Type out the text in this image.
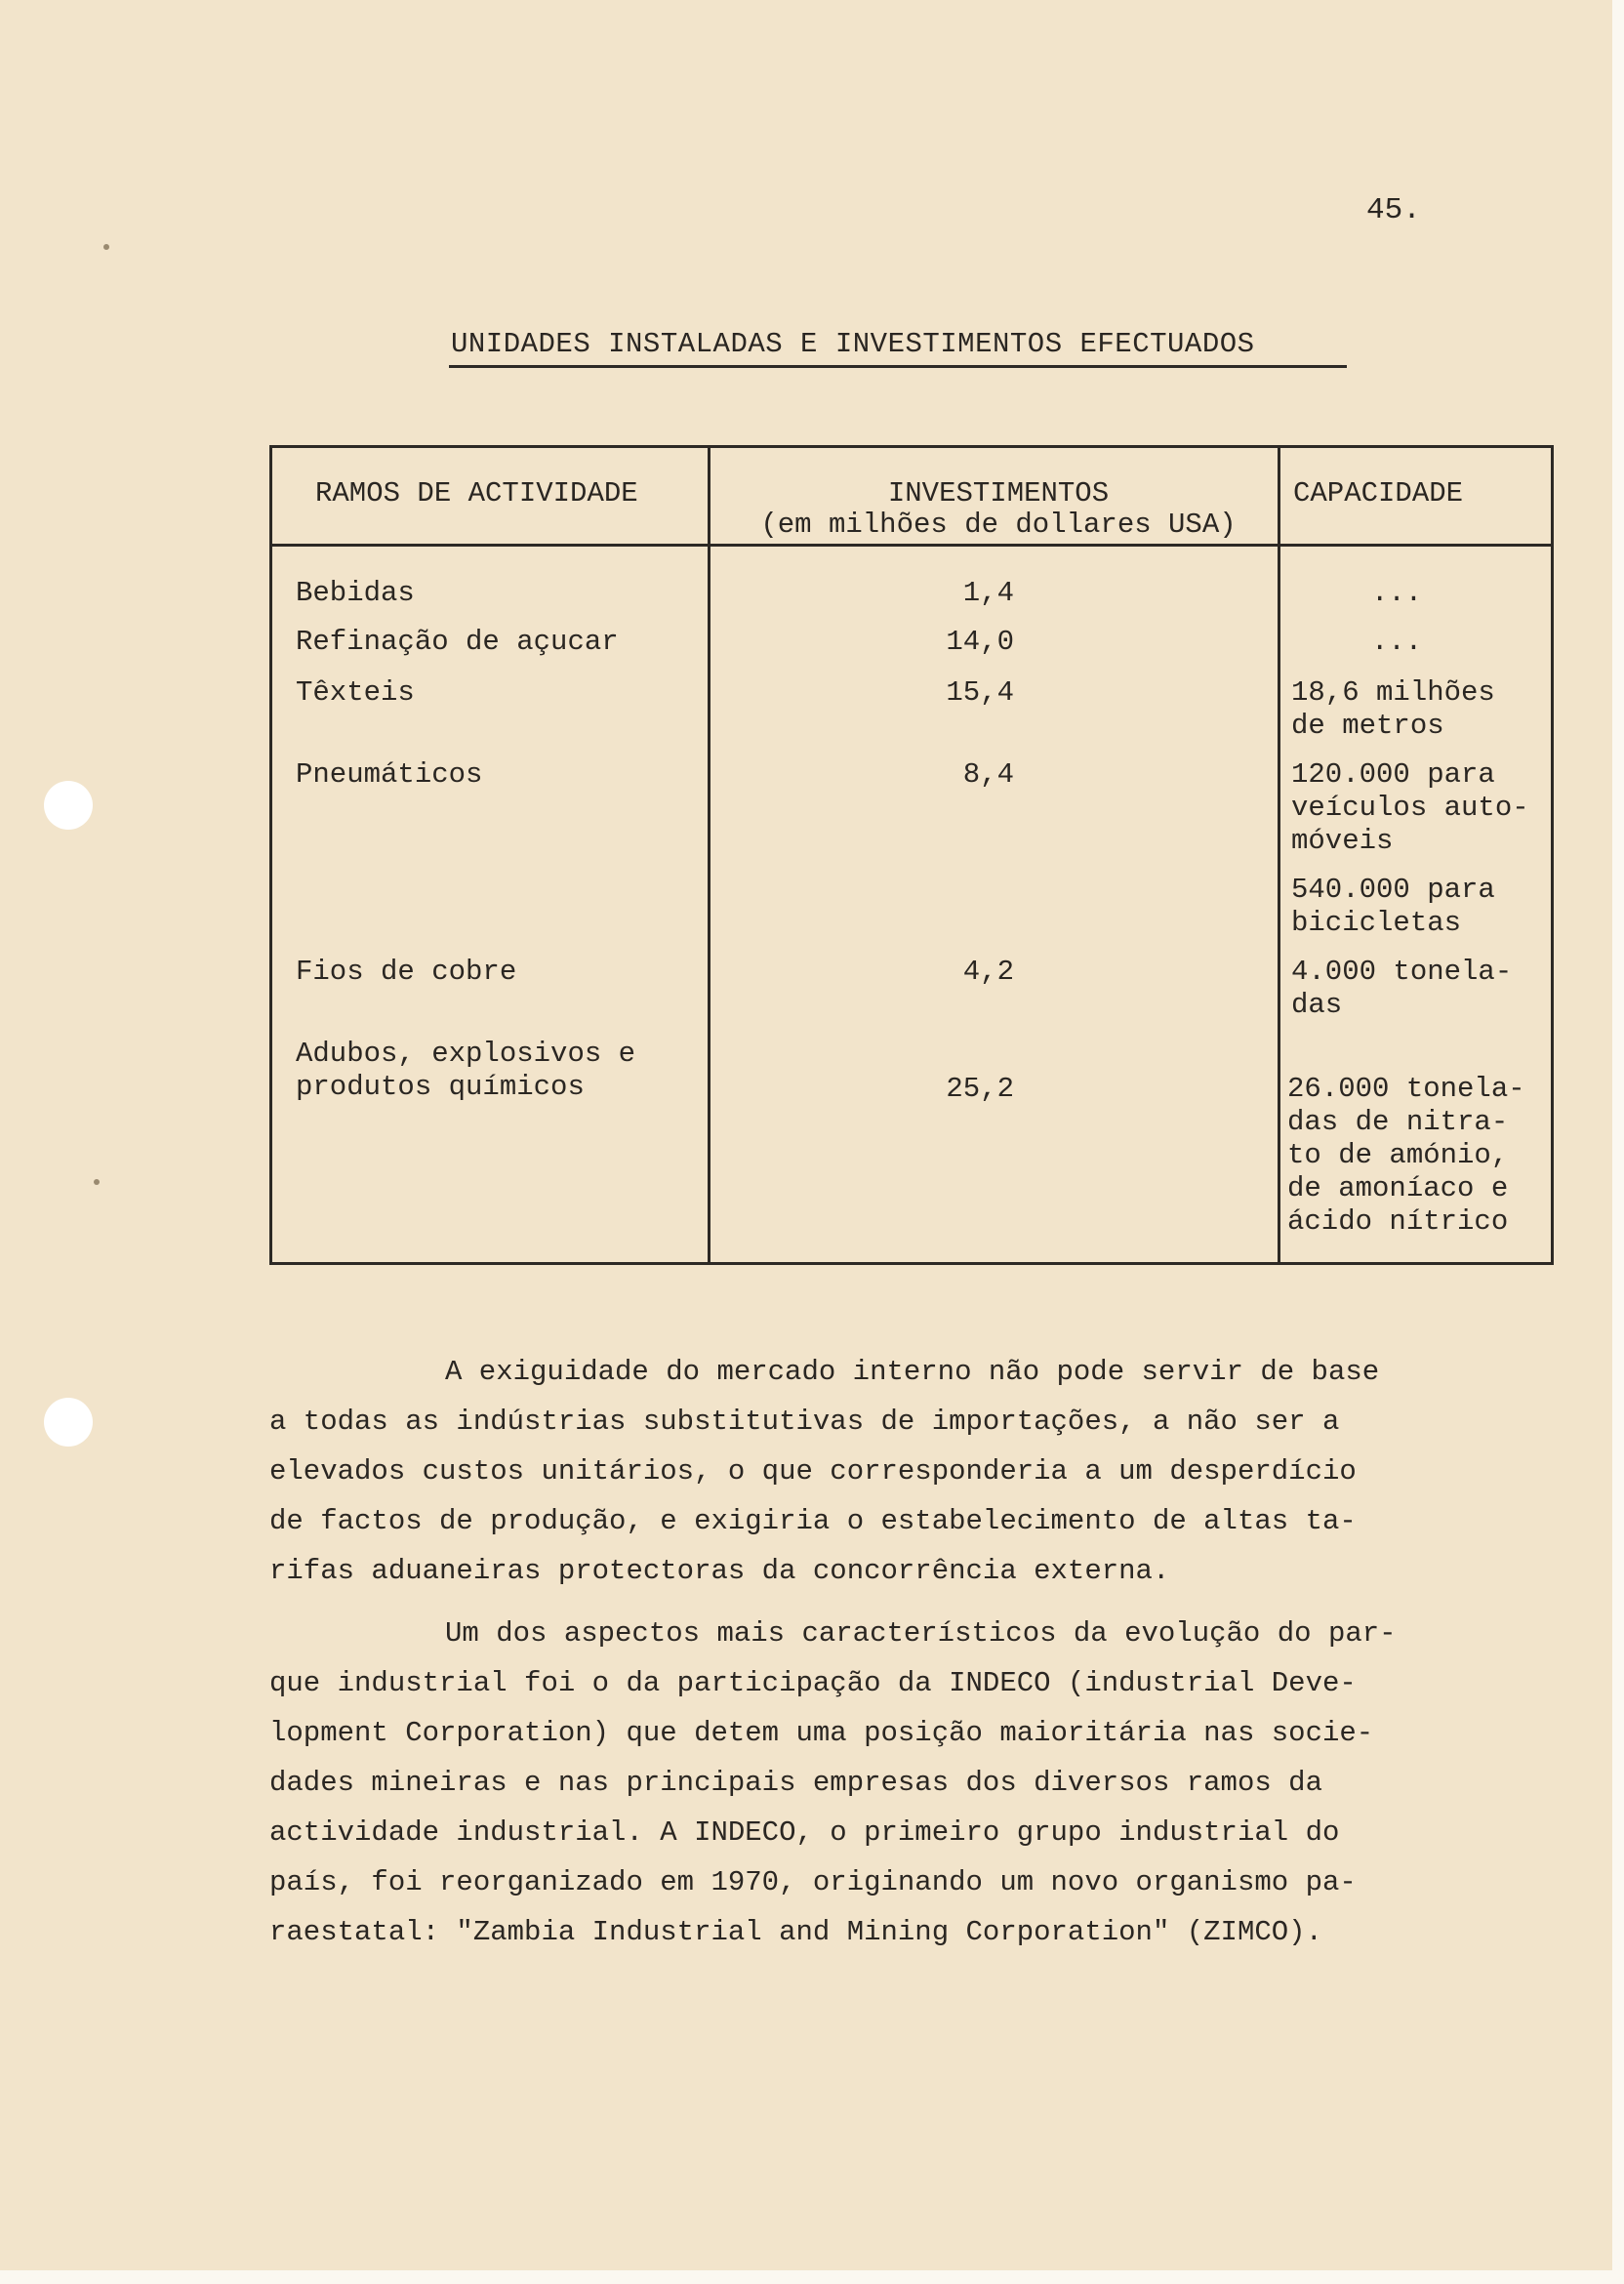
45.
UNIDADES INSTALADAS E INVESTIMENTOS EFECTUADOS
RAMOS DE ACTIVIDADE	INVESTIMENTOS
(em milhões de dollares USA)
CAPACIDADE
Bebidas	1,4	...
Refinação de açucar	14,0	...
Têxteis	15,4	18,6 milhões
de metros
Pneumáticos	8,4	120.000 para
veículos auto-
móveis
540.000 para
bicicletas
Fios de cobre	4,2	4.000 tonela-
das
Adubos, explosivos e
produtos químicos	25,2	26.000 tonela-
das de nitra-
to de amónio,
de amoníaco e
ácido nítrico

A exiguidade do mercado interno não pode servir de base

a todas as indústrias substitutivas de importações, a não ser a

elevados custos unitários, o que corresponderia a um desperdício

de factos de produção, e exigiria o estabelecimento de altas ta-

rifas aduaneiras protectoras da concorrência externa.

Um dos aspectos mais característicos da evolução do par-

que industrial foi o da participação da INDECO (industrial Deve-

lopment Corporation) que detem uma posição maioritária nas socie-

dades mineiras e nas principais empresas dos diversos ramos da

actividade industrial. A INDECO, o primeiro grupo industrial do

país, foi reorganizado em 1970, originando um novo organismo pa-

raestatal: "Zambia Industrial and Mining Corporation" (ZIMCO).
